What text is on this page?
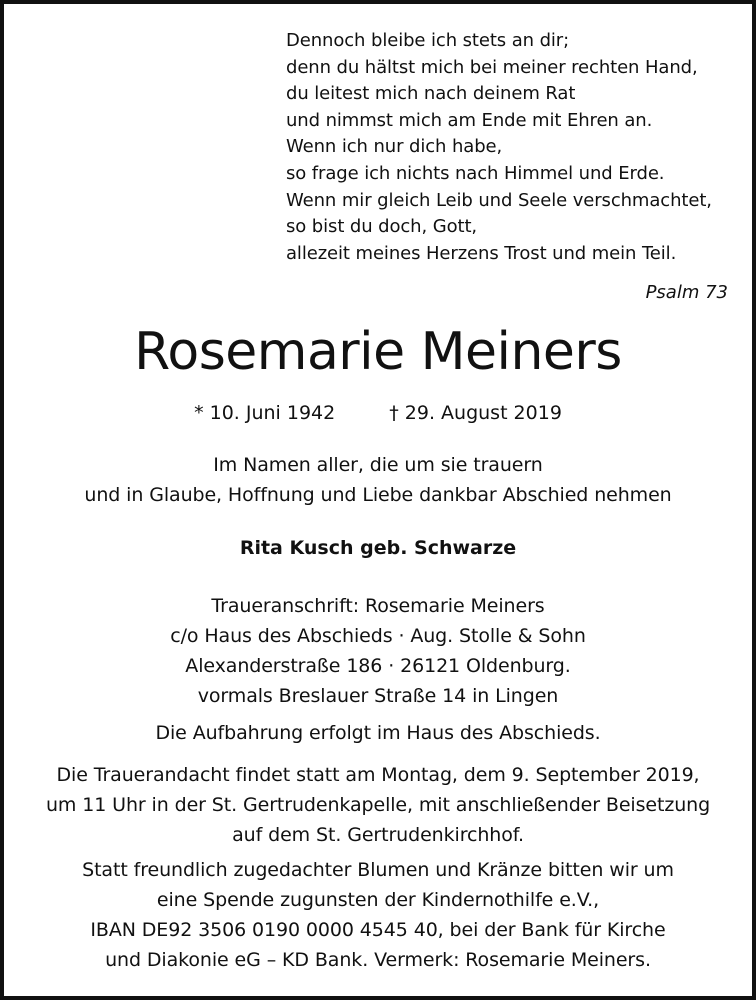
Dennoch bleibe ich stets an dir;
denn du hältst mich bei meiner rechten Hand,
du leitest mich nach deinem Rat
und nimmst mich am Ende mit Ehren an.
Wenn ich nur dich habe,
so frage ich nichts nach Himmel und Erde.
Wenn mir gleich Leib und Seele verschmachtet,
so bist du doch, Gott,
allezeit meines Herzens Trost und mein Teil.
Psalm 73
Rosemarie Meiners
* 10. Juni 1942	† 29. August 2019
Im Namen aller, die um sie trauern
und in Glaube, Hoffnung und Liebe dankbar Abschied nehmen
Rita Kusch geb. Schwarze
Traueranschrift: Rosemarie Meiners
c/o Haus des Abschieds · Aug. Stolle & Sohn
Alexanderstraße 186 · 26121 Oldenburg.
vormals Breslauer Straße 14 in Lingen
Die Aufbahrung erfolgt im Haus des Abschieds.
Die Trauerandacht findet statt am Montag, dem 9. September 2019,
um 11 Uhr in der St. Gertrudenkapelle, mit anschließender Beisetzung
auf dem St. Gertrudenkirchhof.
Statt freundlich zugedachter Blumen und Kränze bitten wir um
eine Spende zugunsten der Kindernothilfe e.V.,
IBAN DE92 3506 0190 0000 4545 40, bei der Bank für Kirche
und Diakonie eG – KD Bank. Vermerk: Rosemarie Meiners.
